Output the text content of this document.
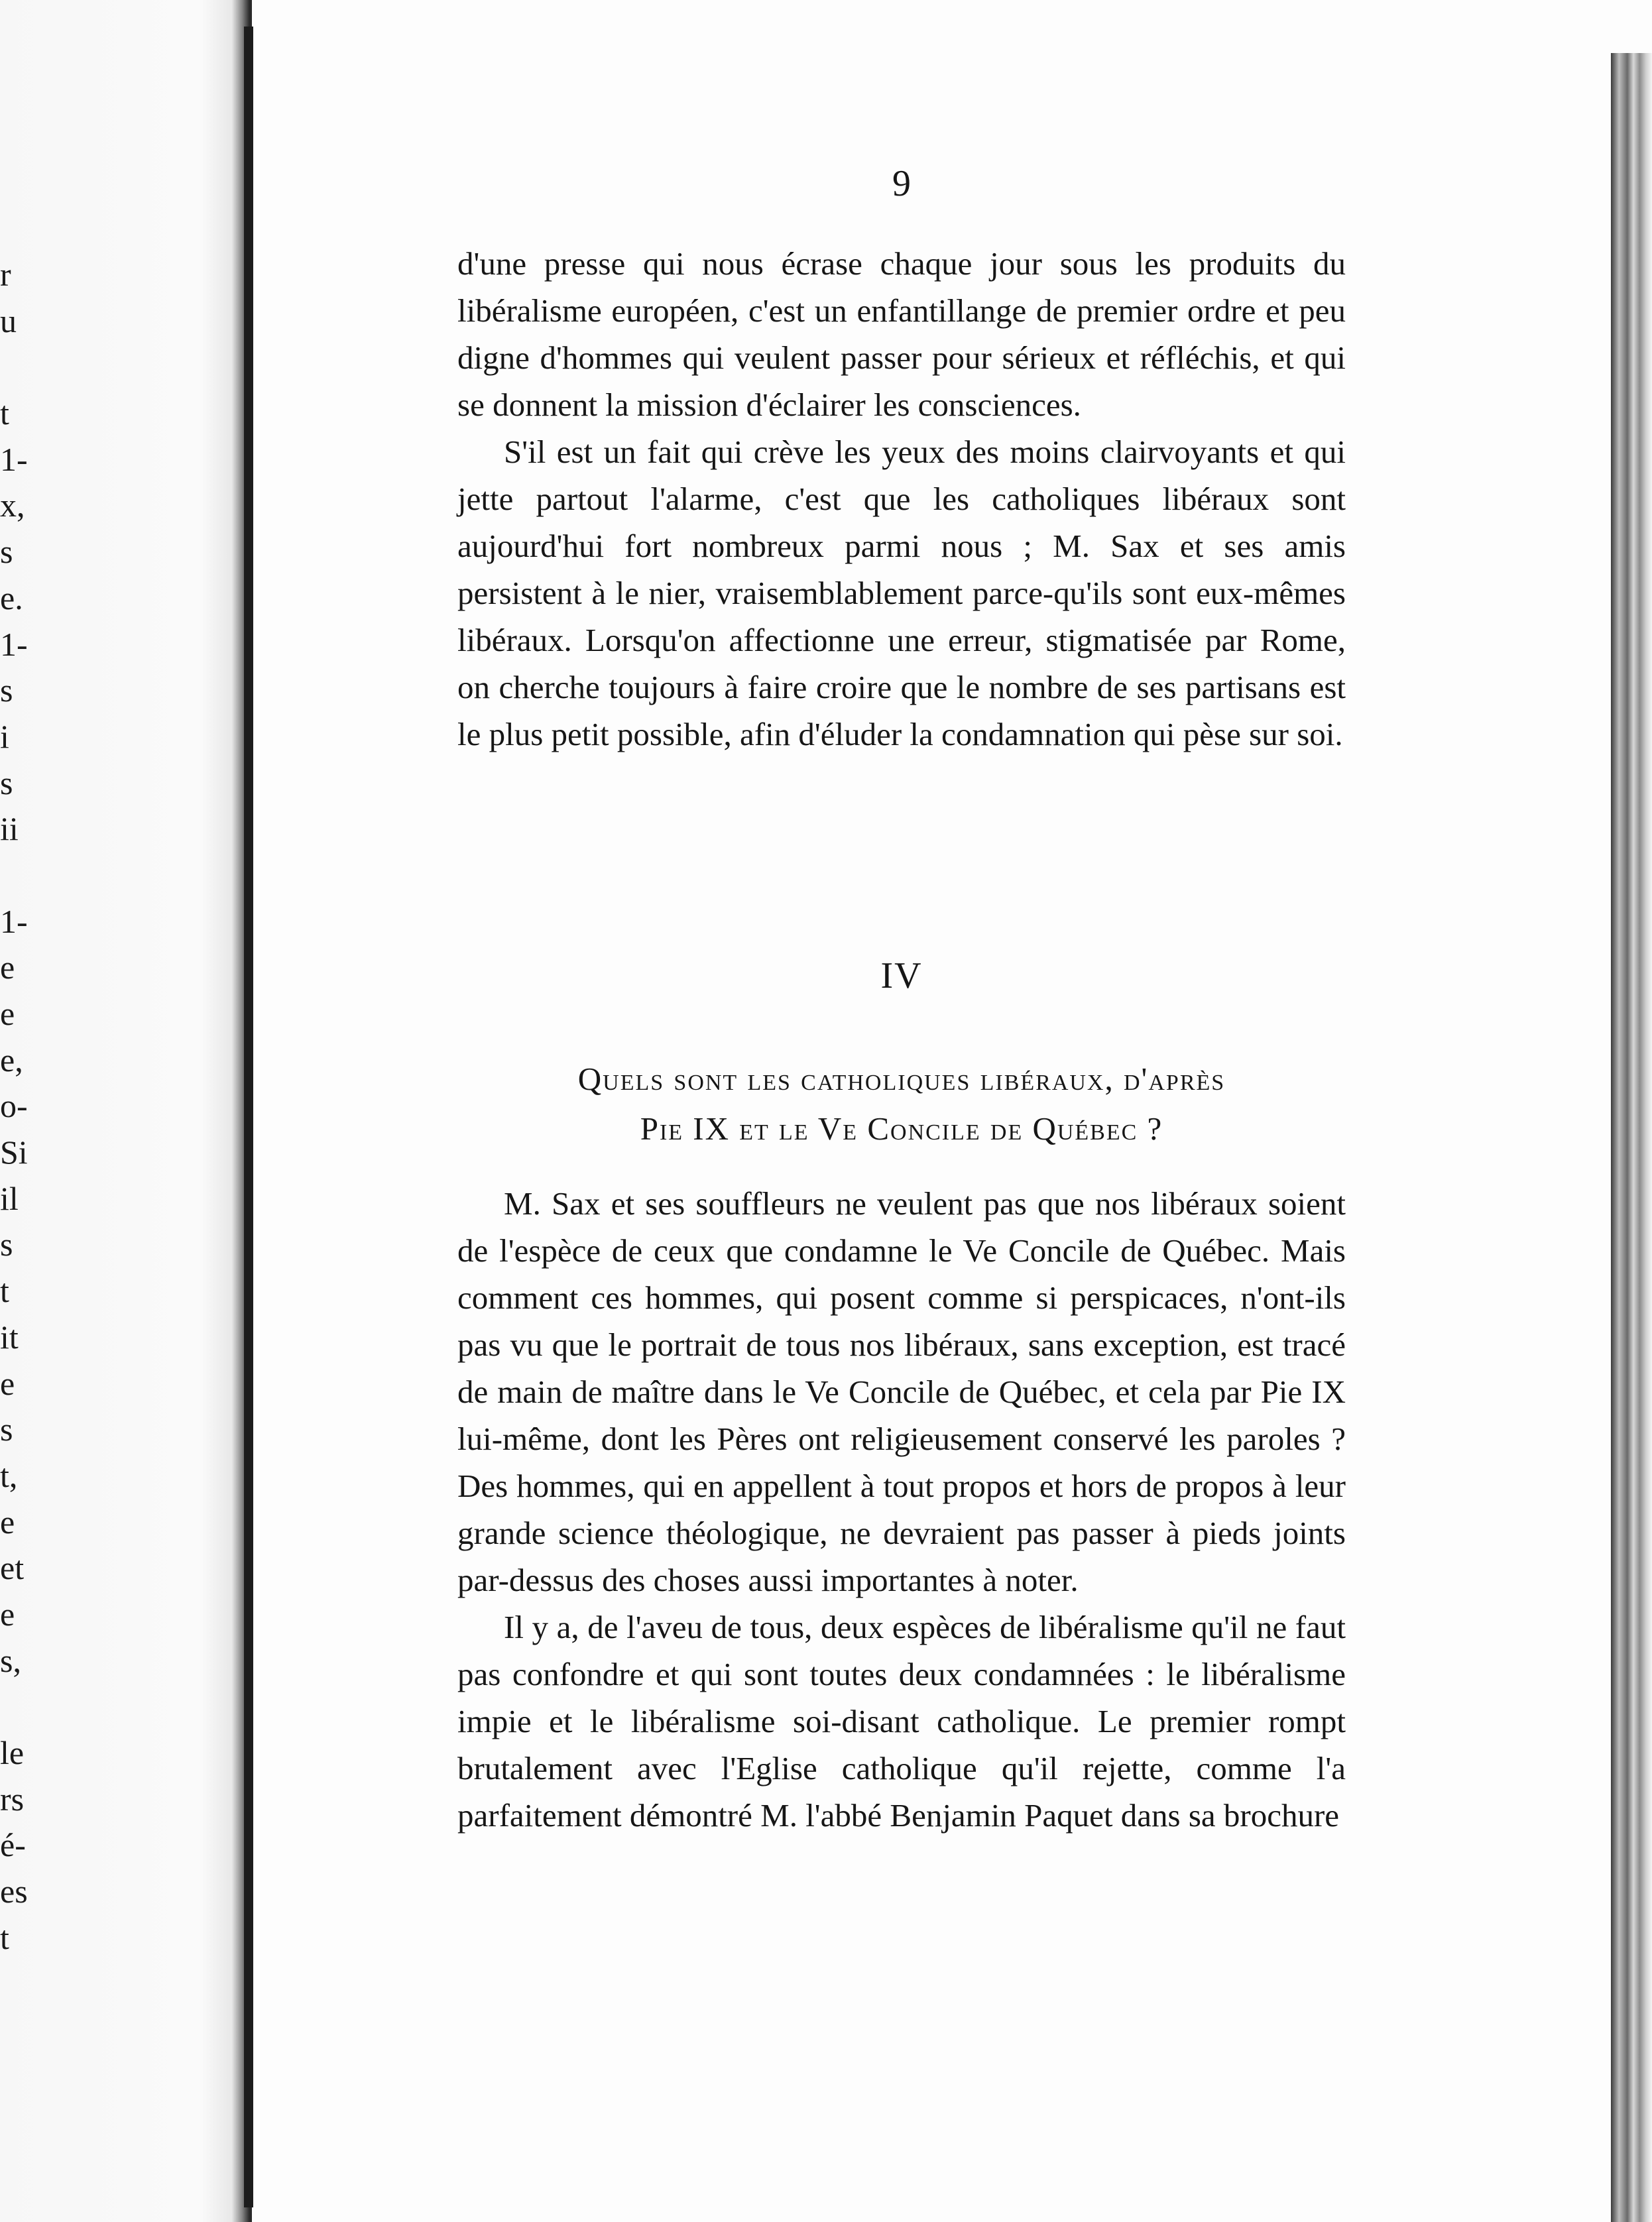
r
u
t
1-
x,
s
e.
1-
s
i
s
ii
1-
e
e
e,
o-
Si
il
s
t
it
e
s
t,
e
et
e
s,
le
rs
é-
es
t
9

d'une presse qui nous écrase chaque jour sous les produits du libéralisme européen, c'est un enfantillange de premier ordre et peu digne d'hommes qui veulent passer pour sérieux et réfléchis, et qui se donnent la mission d'éclairer les consciences.

S'il est un fait qui crève les yeux des moins clairvoyants et qui jette partout l'alarme, c'est que les catholiques libéraux sont aujourd'hui fort nombreux parmi nous ; M. Sax et ses amis persistent à le nier, vraisemblablement parce-qu'ils sont eux-mêmes libéraux. Lorsqu'on affectionne une erreur, stigmatisée par Rome, on cherche toujours à faire croire que le nombre de ses partisans est le plus petit possible, afin d'éluder la condamnation qui pèse sur soi.

IV
Quels sont les catholiques libéraux, d'après
Pie IX et le Ve Concile de Québec ?

M. Sax et ses souffleurs ne veulent pas que nos libéraux soient de l'espèce de ceux que condamne le Ve Concile de Québec. Mais comment ces hommes, qui posent comme si perspicaces, n'ont-ils pas vu que le portrait de tous nos libéraux, sans exception, est tracé de main de maître dans le Ve Concile de Québec, et cela par Pie IX lui-même, dont les Pères ont religieusement conservé les paroles ? Des hommes, qui en appellent à tout propos et hors de propos à leur grande science théologique, ne devraient pas passer à pieds joints par-dessus des choses aussi importantes à noter.

Il y a, de l'aveu de tous, deux espèces de libéralisme qu'il ne faut pas confondre et qui sont toutes deux condamnées : le libéralisme impie et le libéralisme soi-disant catholique. Le premier rompt brutalement avec l'Eglise catholique qu'il rejette, comme l'a parfaitement démontré M. l'abbé Benjamin Paquet dans sa brochure
